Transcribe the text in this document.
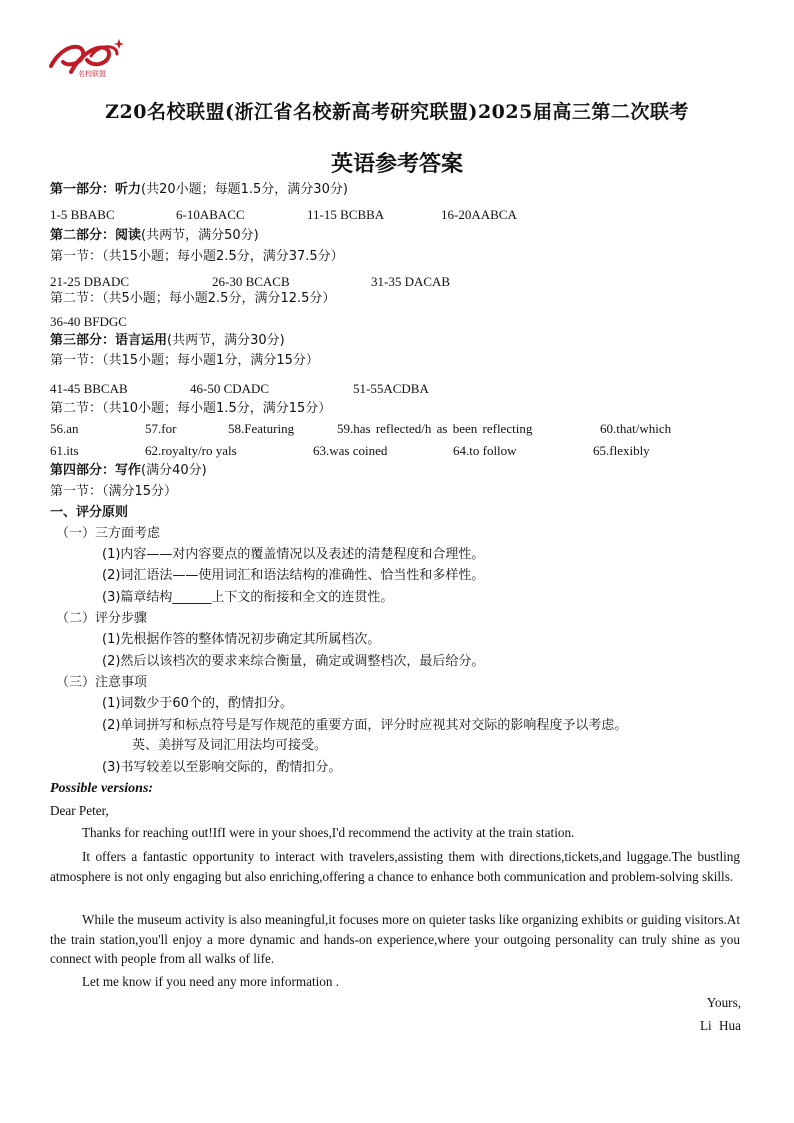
名校联盟
Z20名校联盟(浙江省名校新高考研究联盟)2025届高三第二次联考
英语参考答案
第一部分：听力(共20小题；每题1.5分，满分30分)
1-5 BBABC	6-10ABACC	11-15 BCBBA	16-20AABCA
第二部分：阅读(共两节，满分50分)
第一节：（共15小题；每小题2.5分，满分37.5分）
21-25 DBADC	26-30 BCACB	31-35 DACAB
第二节：（共5小题；每小题2.5分，满分12.5分）
36-40 BFDGC
第三部分：语言运用(共两节，满分30分)
第一节：（共15小题；每小题1分，满分15分）
41-45 BBCAB	46-50 CDADC	51-55ACDBA
第二节：（共10小题；每小题1.5分，满分15分）
56.an	57.for	58.Featuring	59.has reflected/h as been reflecting	60.that/which
61.its	62.royalty/ro yals	63.was coined	64.to follow	65.flexibly
第四部分：写作(满分40分)
第一节：（满分15分）
一、评分原则
（一）三方面考虑
(1)内容——对内容要点的覆盖情况以及表述的清楚程度和合理性。
(2)词汇语法——使用词汇和语法结构的准确性、恰当性和多样性。
(3)篇章结构______上下文的衔接和全文的连贯性。
（二）评分步骤
(1)先根据作答的整体情况初步确定其所属档次。
(2)然后以该档次的要求来综合衡量，确定或调整档次，最后给分。
（三）注意事项
(1)词数少于60个的，酌情扣分。
(2)单词拼写和标点符号是写作规范的重要方面，评分时应视其对交际的影响程度予以考虑。
英、美拼写及词汇用法均可接受。
(3)书写较差以至影响交际的，酌情扣分。
Possible versions:
Dear Peter,
Thanks for reaching out!IfI were in your shoes,I'd recommend the activity at the train station.
It offers a fantastic opportunity to interact with travelers,assisting them with directions,tickets,and luggage.The bustling atmosphere is not only engaging but also enriching,offering a chance to enhance both communication and problem-solving skills.
While the museum activity is also meaningful,it focuses more on quieter tasks like organizing exhibits or guiding visitors.At the train station,you'll enjoy a more dynamic and hands-on experience,where your outgoing personality can truly shine as you connect with people from all walks of life.
Let me know if you need any more information .
Yours,
Li Hua
